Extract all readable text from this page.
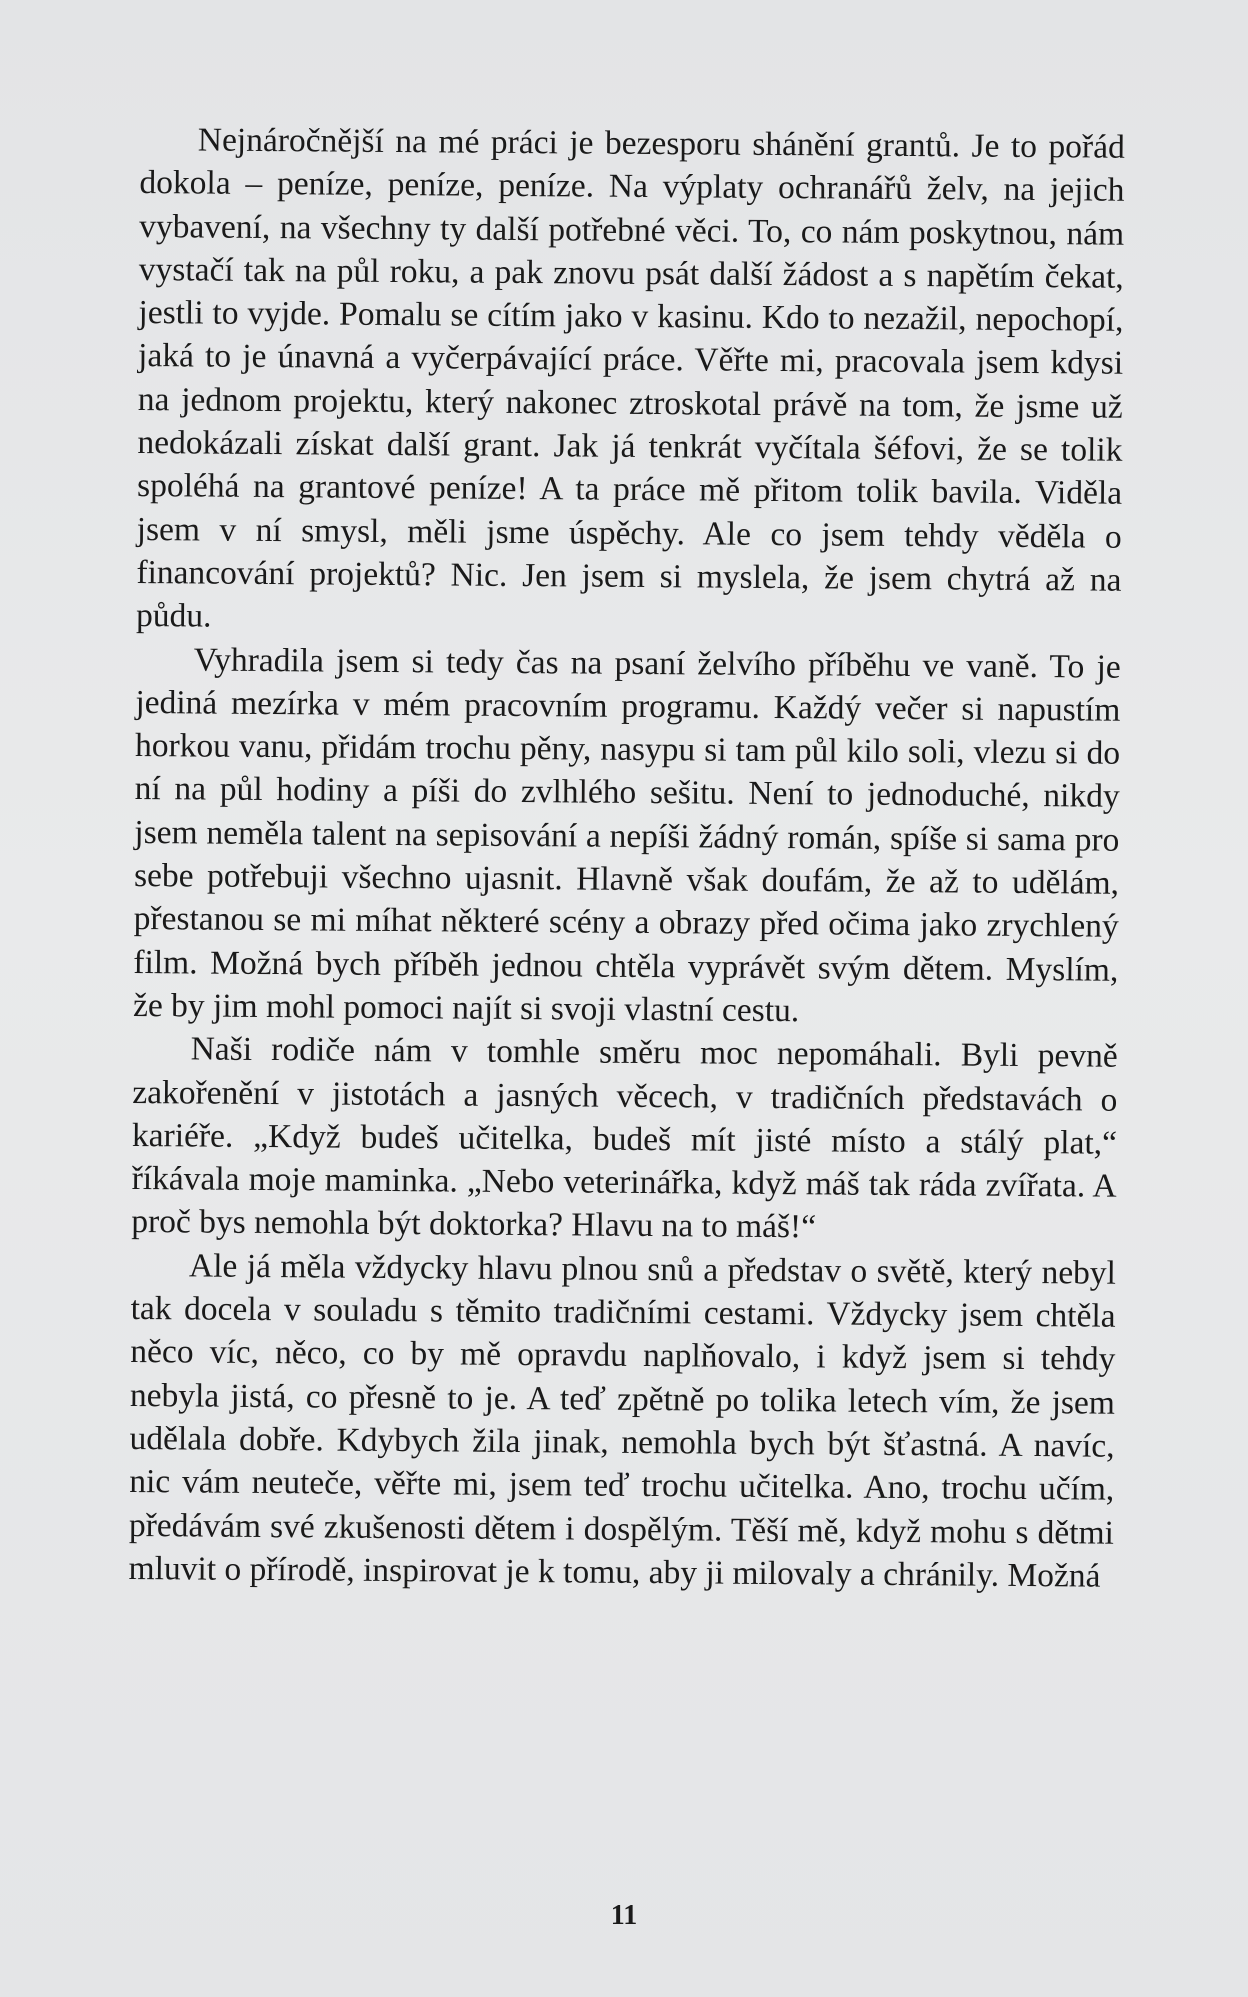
Nejnáročnější na mé práci je bezesporu shánění grantů. Je to pořád dokola – peníze, peníze, peníze. Na výplaty ochranářů želv, na jejich vybavení, na všechny ty další potřebné věci. To, co nám poskytnou, nám vystačí tak na půl roku, a pak znovu psát další žádost a s napětím čekat, jestli to vyjde. Pomalu se cítím jako v kasinu. Kdo to nezažil, nepochopí, jaká to je únavná a vyčerpávající práce. Věřte mi, pracovala jsem kdysi na jednom projektu, který nakonec ztroskotal právě na tom, že jsme už nedokázali získat další grant. Jak já tenkrát vyčítala šéfovi, že se tolik spoléhá na grantové peníze! A ta práce mě přitom tolik bavila. Viděla jsem v ní smysl, měli jsme úspěchy. Ale co jsem tehdy věděla o financování projektů? Nic. Jen jsem si myslela, že jsem chytrá až na půdu.

Vyhradila jsem si tedy čas na psaní želvího příběhu ve vaně. To je jediná mezírka v mém pracovním programu. Každý večer si napustím horkou vanu, přidám trochu pěny, nasypu si tam půl kilo soli, vlezu si do ní na půl hodiny a píši do zvlhlého sešitu. Není to jednoduché, nikdy jsem neměla talent na sepisování a nepíši žádný román, spíše si sama pro sebe potřebuji všechno ujasnit. Hlavně však doufám, že až to udělám, přestanou se mi míhat některé scény a obrazy před očima jako zrychlený film. Možná bych příběh jednou chtěla vyprávět svým dětem. Myslím, že by jim mohl pomoci najít si svoji vlastní cestu.

Naši rodiče nám v tomhle směru moc nepomáhali. Byli pevně zakořenění v jistotách a jasných věcech, v tradičních představách o kariéře. „Když budeš učitelka, budeš mít jisté místo a stálý plat,“ říkávala moje maminka. „Nebo veterinářka, když máš tak ráda zvířata. A proč bys nemohla být doktorka? Hlavu na to máš!“

Ale já měla vždycky hlavu plnou snů a představ o světě, který nebyl tak docela v souladu s těmito tradičními cestami. Vždycky jsem chtěla něco víc, něco, co by mě opravdu naplňovalo, i když jsem si tehdy nebyla jistá, co přesně to je. A teď zpětně po tolika letech vím, že jsem udělala dobře. Kdybych žila jinak, nemohla bych být šťastná. A navíc, nic vám neuteče, věřte mi, jsem teď trochu učitelka. Ano, trochu učím, předávám své zkušenosti dětem i dospělým. Těší mě, když mohu s dětmi mluvit o přírodě, inspirovat je k tomu, aby ji milovaly a chránily. Možná

11
